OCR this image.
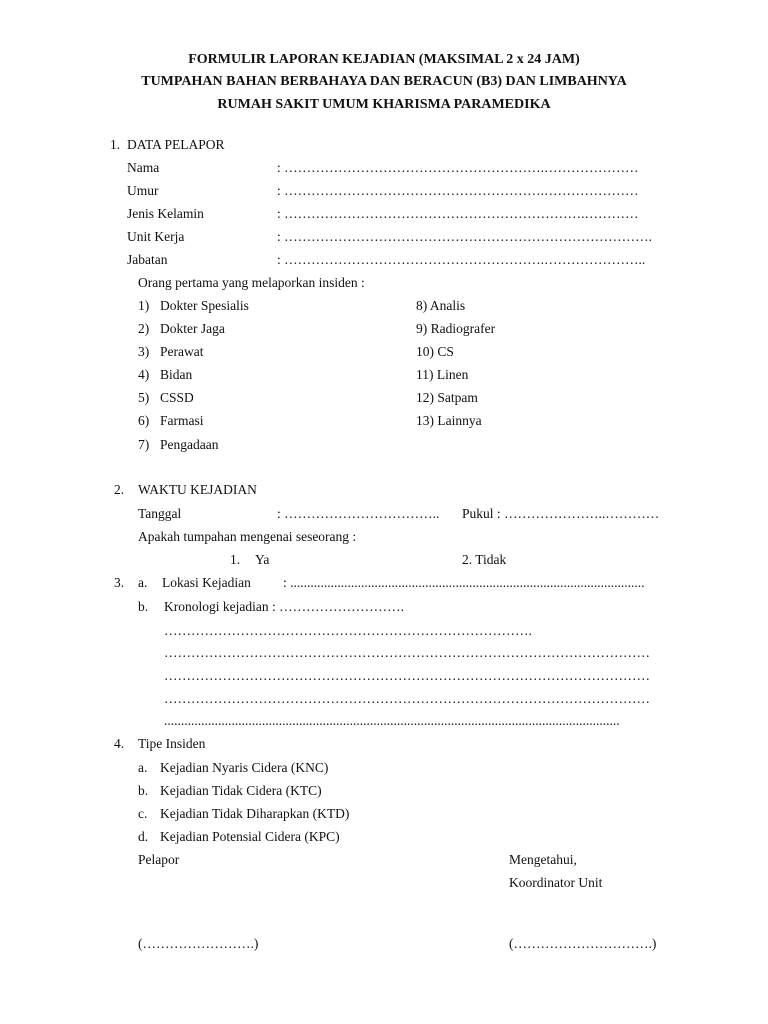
FORMULIR LAPORAN KEJADIAN (MAKSIMAL 2 x 24 JAM)
TUMPAHAN BAHAN BERBAHAYA DAN BERACUN (B3) DAN LIMBAHNYA
RUMAH SAKIT UMUM KHARISMA PARAMEDIKA
1. DATA PELAPOR
Nama	: ………………………………………………….…………………
Umur	: ………………………………………………….…………………
Jenis Kelamin	: ………………………………………………………….…………
Unit Kerja	: ……………………………………………………………………….
Jabatan	: ………………………………………………….…………………..
Orang pertama yang melaporkan insiden :
1) Dokter Spesialis
2) Dokter Jaga
3) Perawat
4) Bidan
5) CSSD
6) Farmasi
7) Pengadaan
8) Analis
9) Radiografer
10) CS
11) Linen
12) Satpam
13) Lainnya
2. WAKTU KEJADIAN
Tanggal	: …………………………….. Pukul : …………………..…………
Apakah tumpahan mengenai seseorang :
1. Ya	2. Tidak
3. a. Lokasi Kejadian : .........................................................................................................
b. Kronologi kejadian : ……………………….
……………………………………………………………………….
………………………………………………………………………………………………
………………………………………………………………………………………………
………………………………………………………………………………………………
.......................................................................................................................................
4. Tipe Insiden
a. Kejadian Nyaris Cidera (KNC)
b. Kejadian Tidak Cidera (KTC)
c. Kejadian Tidak Diharapkan (KTD)
d. Kejadian Potensial Cidera (KPC)
Pelapor	Mengetahui,
Koordinator Unit
(…………………….)	(………………………….)
